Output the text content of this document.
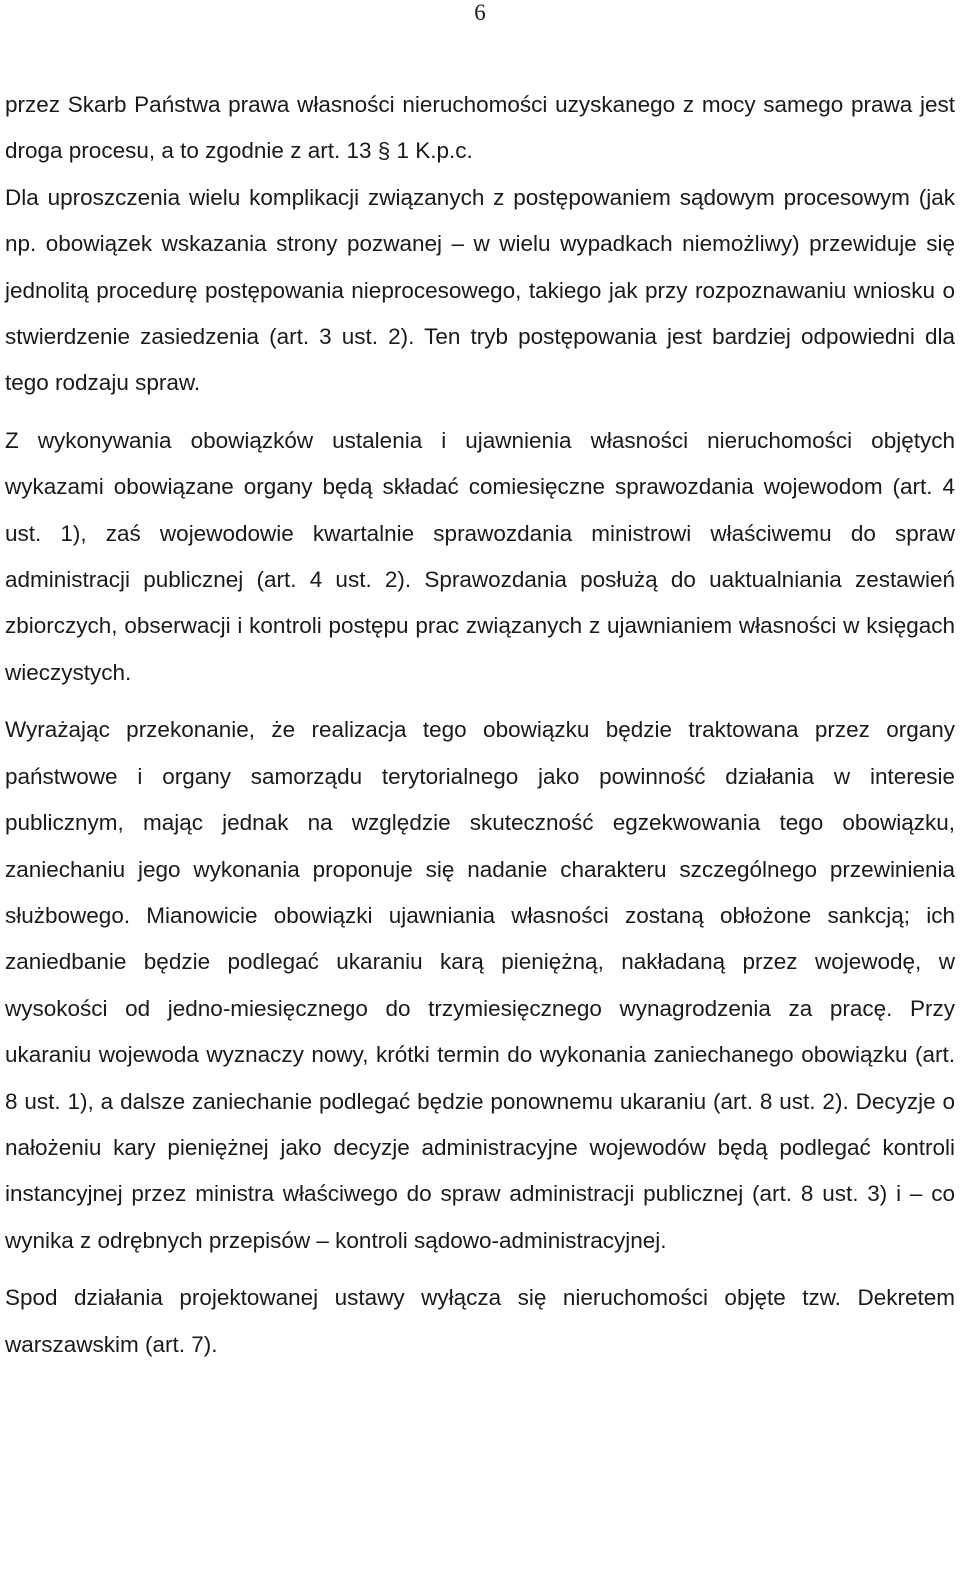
6

przez Skarb Państwa prawa własności nieruchomości uzyskanego z mocy samego prawa jest droga procesu, a to zgodnie z art. 13 § 1 K.p.c.

Dla uproszczenia wielu komplikacji związanych z postępowaniem sądowym procesowym (jak np. obowiązek wskazania strony pozwanej – w wielu wypadkach niemożliwy) przewiduje się jednolitą procedurę postępowania nieprocesowego, takiego jak przy rozpoznawaniu wniosku o stwierdzenie zasiedzenia (art. 3 ust. 2). Ten tryb postępowania jest bardziej odpowiedni dla tego rodzaju spraw.

Z wykonywania obowiązków ustalenia i ujawnienia własności nieruchomości objętych wykazami obowiązane organy będą składać comiesięczne sprawozdania wojewodom (art. 4 ust. 1), zaś wojewodowie kwartalnie sprawozdania ministrowi właściwemu do spraw administracji publicznej (art. 4 ust. 2). Sprawozdania posłużą do uaktualniania zestawień zbiorczych, obserwacji i kontroli postępu prac związanych z ujawnianiem własności w księgach wieczystych.

Wyrażając przekonanie, że realizacja tego obowiązku będzie traktowana przez organy państwowe i organy samorządu terytorialnego jako powinność działania w interesie publicznym, mając jednak na względzie skuteczność egzekwowania tego obowiązku, zaniechaniu jego wykonania proponuje się nadanie charakteru szczególnego przewinienia służbowego. Mianowicie obowiązki ujawniania własności zostaną obłożone sankcją; ich zaniedbanie będzie podlegać ukaraniu karą pieniężną, nakładaną przez wojewodę, w wysokości od jedno-miesięcznego do trzymiesięcznego wynagrodzenia za pracę. Przy ukaraniu wojewoda wyznaczy nowy, krótki termin do wykonania zaniechanego obowiązku (art. 8 ust. 1), a dalsze zaniechanie podlegać będzie ponownemu ukaraniu (art. 8 ust. 2). Decyzje o nałożeniu kary pieniężnej jako decyzje administracyjne wojewodów będą podlegać kontroli instancyjnej przez ministra właściwego do spraw administracji publicznej (art. 8 ust. 3) i – co wynika z odrębnych przepisów – kontroli sądowo-administracyjnej.

Spod działania projektowanej ustawy wyłącza się nieruchomości objęte tzw. Dekretem warszawskim (art. 7).
